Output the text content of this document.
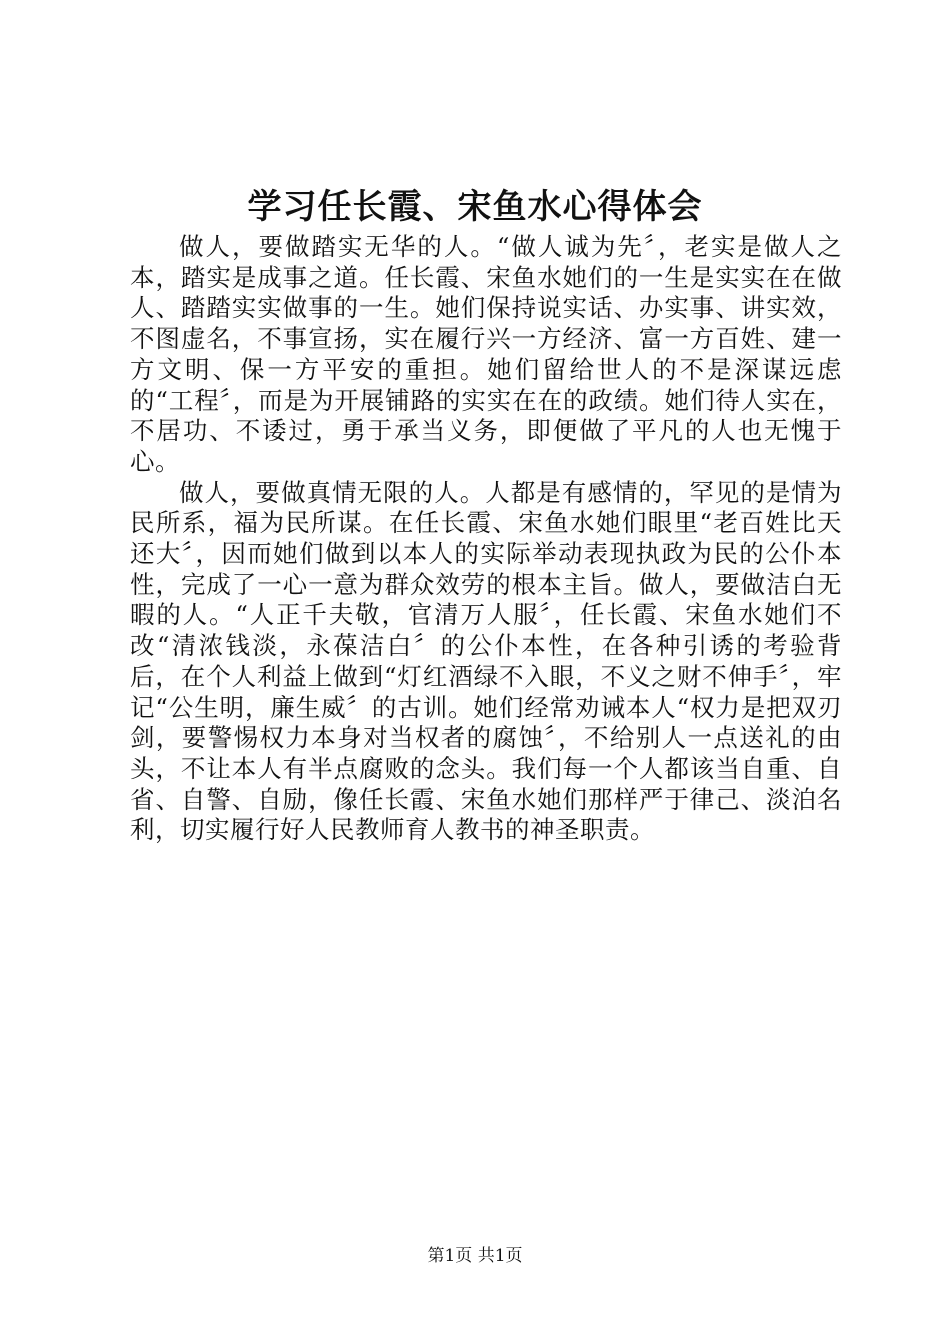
学习任长霞、宋鱼水心得体会

做人，要做踏实无华的人。“做人诚为先〞，老实是做人之本，踏实是成事之道。任长霞、宋鱼水她们的一生是实实在在做人、踏踏实实做事的一生。她们保持说实话、办实事、讲实效，不图虚名，不事宣扬，实在履行兴一方经济、富一方百姓、建一方文明、保一方平安的重担。她们留给世人的不是深谋远虑的“工程〞，而是为开展铺路的实实在在的政绩。她们待人实在，不居功、不诿过，勇于承当义务，即便做了平凡的人也无愧于心。

做人，要做真情无限的人。人都是有感情的，罕见的是情为民所系，福为民所谋。在任长霞、宋鱼水她们眼里“老百姓比天还大〞，因而她们做到以本人的实际举动表现执政为民的公仆本性，完成了一心一意为群众效劳的根本主旨。做人，要做洁白无暇的人。“人正千夫敬，官清万人服〞，任长霞、宋鱼水她们不改“清浓钱淡，永葆洁白〞的公仆本性，在各种引诱的考验背后，在个人利益上做到“灯红酒绿不入眼，不义之财不伸手〞，牢记“公生明，廉生威〞的古训。她们经常劝诫本人“权力是把双刃剑，要警惕权力本身对当权者的腐蚀〞，不给别人一点送礼的由头，不让本人有半点腐败的念头。我们每一个人都该当自重、自省、自警、自励，像任长霞、宋鱼水她们那样严于律己、淡泊名利，切实履行好人民教师育人教书的神圣职责。

第1页 共1页
